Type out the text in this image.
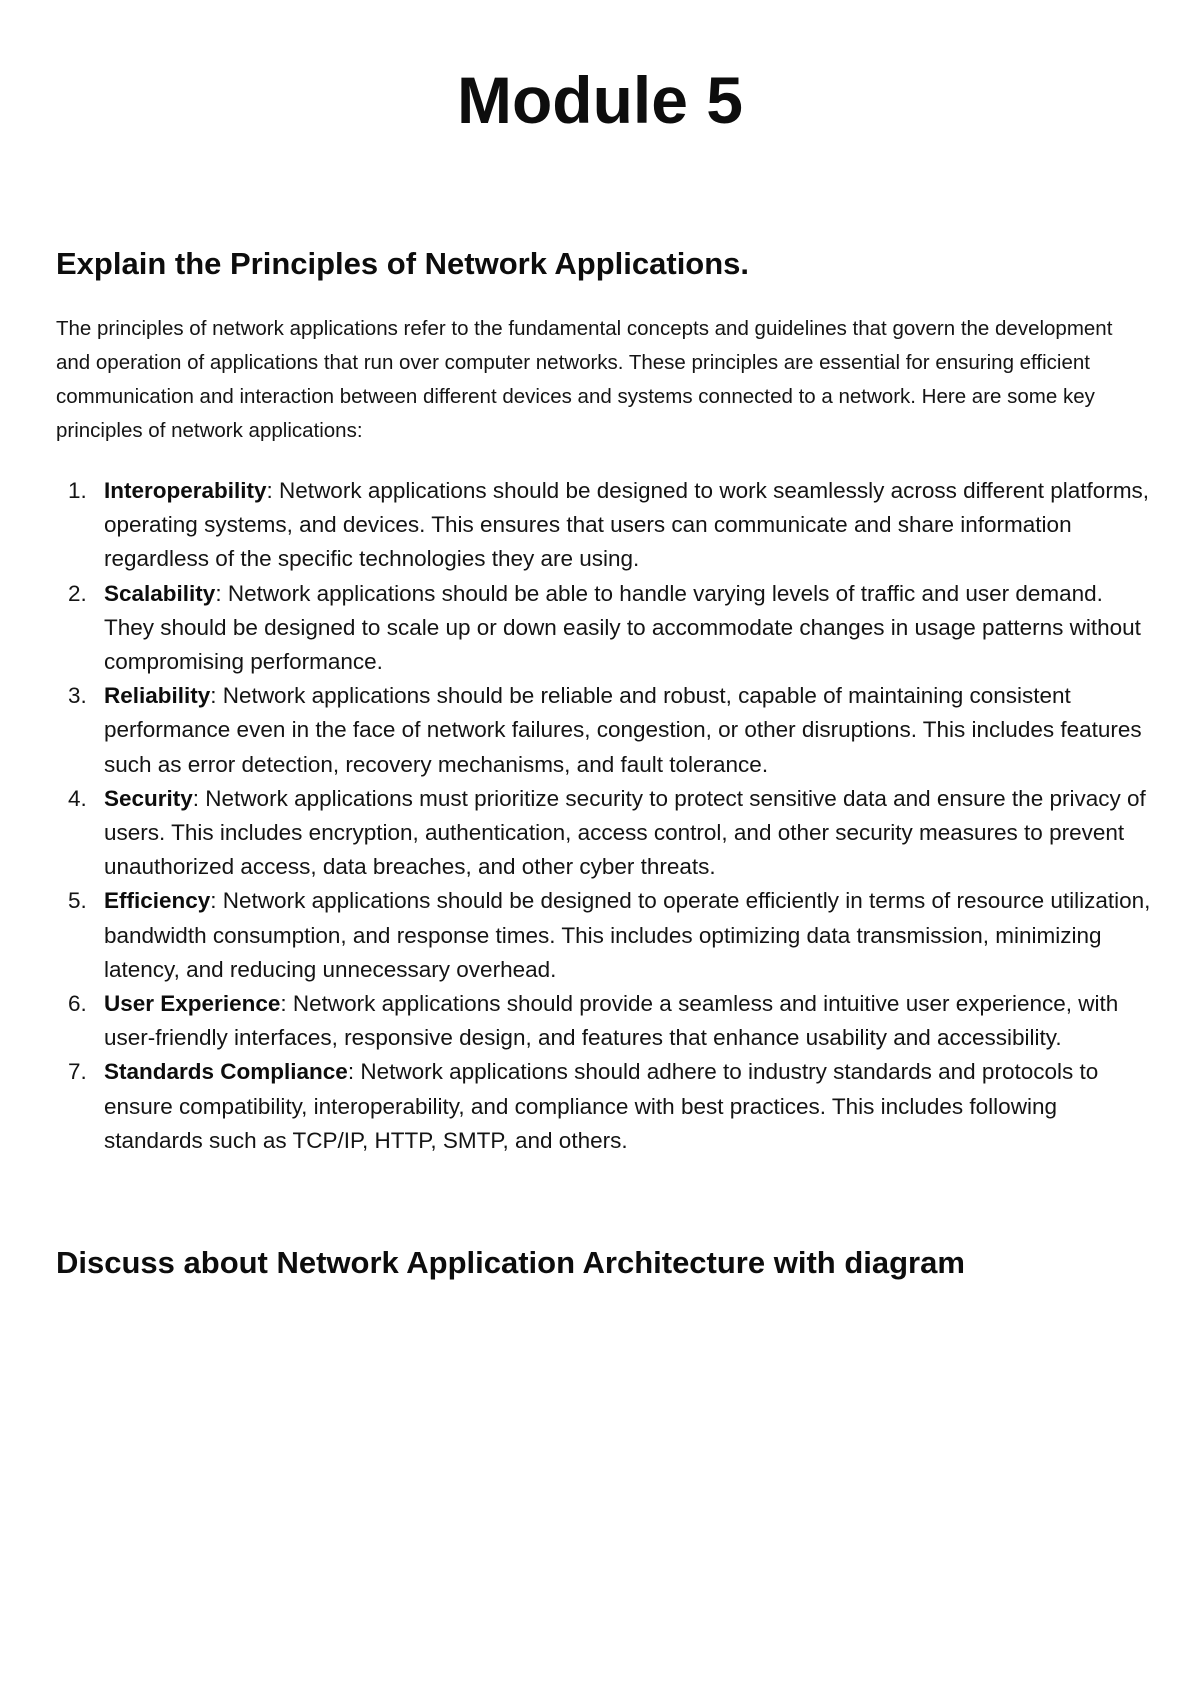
Module 5
Explain the Principles of Network Applications.

The principles of network applications refer to the fundamental concepts and guidelines that govern the development and operation of applications that run over computer networks. These principles are essential for ensuring efficient communication and interaction between different devices and systems connected to a network. Here are some key principles of network applications:

1. Interoperability: Network applications should be designed to work seamlessly across different platforms, operating systems, and devices. This ensures that users can communicate and share information regardless of the specific technologies they are using.
2. Scalability: Network applications should be able to handle varying levels of traffic and user demand. They should be designed to scale up or down easily to accommodate changes in usage patterns without compromising performance.
3. Reliability: Network applications should be reliable and robust, capable of maintaining consistent performance even in the face of network failures, congestion, or other disruptions. This includes features such as error detection, recovery mechanisms, and fault tolerance.
4. Security: Network applications must prioritize security to protect sensitive data and ensure the privacy of users. This includes encryption, authentication, access control, and other security measures to prevent unauthorized access, data breaches, and other cyber threats.
5. Efficiency: Network applications should be designed to operate efficiently in terms of resource utilization, bandwidth consumption, and response times. This includes optimizing data transmission, minimizing latency, and reducing unnecessary overhead.
6. User Experience: Network applications should provide a seamless and intuitive user experience, with user-friendly interfaces, responsive design, and features that enhance usability and accessibility.
7. Standards Compliance: Network applications should adhere to industry standards and protocols to ensure compatibility, interoperability, and compliance with best practices. This includes following standards such as TCP/IP, HTTP, SMTP, and others.
Discuss about Network Application Architecture with diagram
